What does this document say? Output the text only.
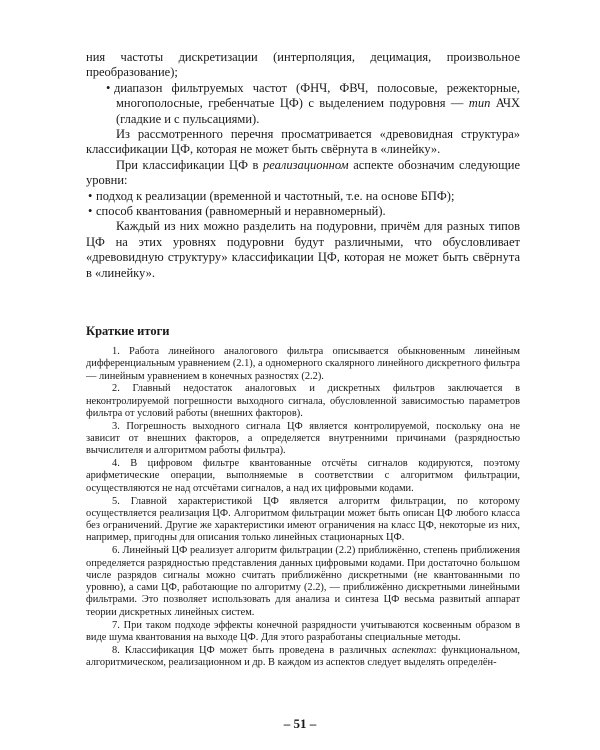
ния частоты дискретизации (интерполяция, децимация, произвольное преобразование);

• диапазон фильтруемых частот (ФНЧ, ФВЧ, полосовые, режекторные, многополосные, гребенчатые ЦФ) с выделением подуровня — тип АЧХ (гладкие и с пульсациями).

Из рассмотренного перечня просматривается «древовидная структура» классификации ЦФ, которая не может быть свёрнута в «линейку».

При классификации ЦФ в реализационном аспекте обозначим следующие уровни:

• подход к реализации (временной и частотный, т.е. на основе БПФ);

• способ квантования (равномерный и неравномерный).

Каждый из них можно разделить на подуровни, причём для разных типов ЦФ на этих уровнях подуровни будут различными, что обусловливает «древовидную структуру» классификации ЦФ, которая не может быть свёрнута в «линейку».

Краткие итоги

1. Работа линейного аналогового фильтра описывается обыкновенным линейным дифференциальным уравнением (2.1), а одномерного скалярного линейного дискретного фильтра — линейным уравнением в конечных разностях (2.2).

2. Главный недостаток аналоговых и дискретных фильтров заключается в неконтролируемой погрешности выходного сигнала, обусловленной зависимостью параметров фильтра от условий работы (внешних факторов).

3. Погрешность выходного сигнала ЦФ является контролируемой, поскольку она не зависит от внешних факторов, а определяется внутренними причинами (разрядностью вычислителя и алгоритмом работы фильтра).

4. В цифровом фильтре квантованные отсчёты сигналов кодируются, поэтому арифметические операции, выполняемые в соответствии с алгоритмом фильтрации, осуществляются не над отсчётами сигналов, а над их цифровыми кодами.

5. Главной характеристикой ЦФ является алгоритм фильтрации, по которому осуществляется реализация ЦФ. Алгоритмом фильтрации может быть описан ЦФ любого класса без ограничений. Другие же характеристики имеют ограничения на класс ЦФ, некоторые из них, например, пригодны для описания только линейных стационарных ЦФ.

6. Линейный ЦФ реализует алгоритм фильтрации (2.2) приближённо, степень приближения определяется разрядностью представления данных цифровыми кодами. При достаточно большом числе разрядов сигналы можно считать приближённо дискретными (не квантованными по уровню), а сами ЦФ, работающие по алгоритму (2.2), — приближённо дискретными линейными фильтрами. Это позволяет использовать для анализа и синтеза ЦФ весьма развитый аппарат теории дискретных линейных систем.

7. При таком подходе эффекты конечной разрядности учитываются косвенным образом в виде шума квантования на выходе ЦФ. Для этого разработаны специальные методы.

8. Классификация ЦФ может быть проведена в различных аспектах: функциональном, алгоритмическом, реализационном и др. В каждом из аспектов следует выделять определён-

– 51 –
